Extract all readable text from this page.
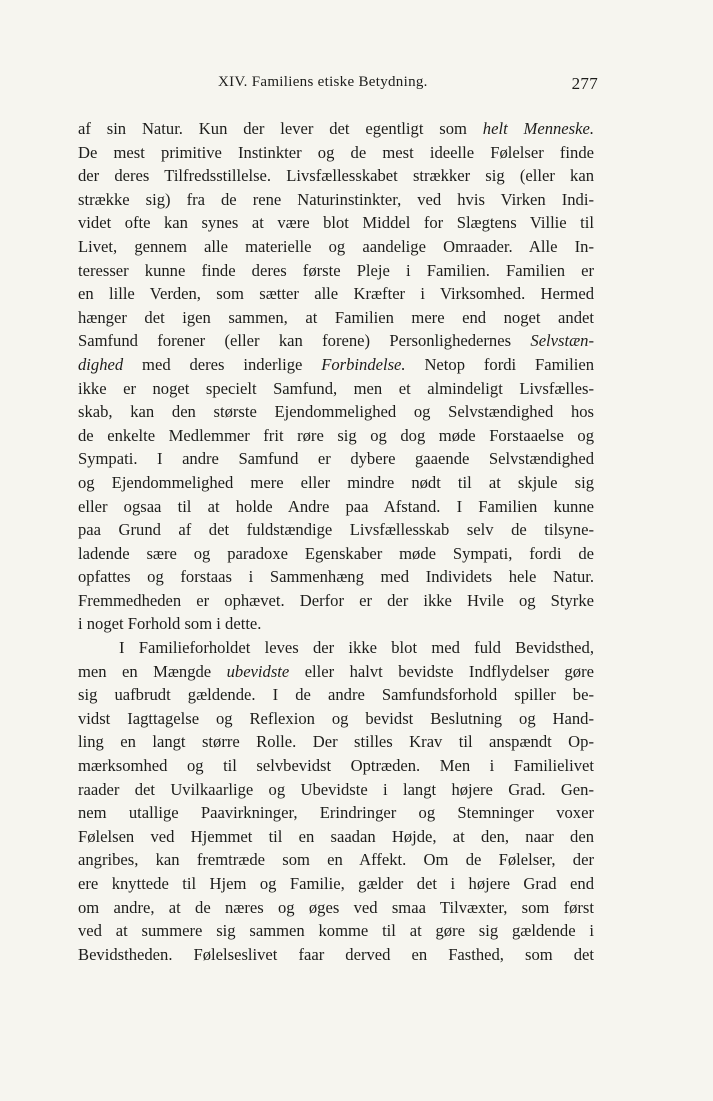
XIV. Familiens etiske Betydning.	277
af sin Natur. Kun der lever det egentligt som helt Menneske.
De mest primitive Instinkter og de mest ideelle Følelser finde
der deres Tilfredsstillelse. Livsfællesskabet strækker sig (eller kan
strække sig) fra de rene Naturinstinkter, ved hvis Virken Indi-
videt ofte kan synes at være blot Middel for Slægtens Villie til
Livet, gennem alle materielle og aandelige Omraader. Alle In-
teresser kunne finde deres første Pleje i Familien. Familien er
en lille Verden, som sætter alle Kræfter i Virksomhed. Hermed
hænger det igen sammen, at Familien mere end noget andet
Samfund forener (eller kan forene) Personlighedernes Selvstæn-
dighed med deres inderlige Forbindelse. Netop fordi Familien
ikke er noget specielt Samfund, men et almindeligt Livsfælles-
skab, kan den største Ejendommelighed og Selvstændighed hos
de enkelte Medlemmer frit røre sig og dog møde Forstaaelse og
Sympati. I andre Samfund er dybere gaaende Selvstændighed
og Ejendommelighed mere eller mindre nødt til at skjule sig
eller ogsaa til at holde Andre paa Afstand. I Familien kunne
paa Grund af det fuldstændige Livsfællesskab selv de tilsyne-
ladende sære og paradoxe Egenskaber møde Sympati, fordi de
opfattes og forstaas i Sammenhæng med Individets hele Natur.
Fremmedheden er ophævet. Derfor er der ikke Hvile og Styrke
i noget Forhold som i dette.
I Familieforholdet leves der ikke blot med fuld Bevidsthed,
men en Mængde ubevidste eller halvt bevidste Indflydelser gøre
sig uafbrudt gældende. I de andre Samfundsforhold spiller be-
vidst Iagttagelse og Reflexion og bevidst Beslutning og Hand-
ling en langt større Rolle. Der stilles Krav til anspændt Op-
mærksomhed og til selvbevidst Optræden. Men i Familielivet
raader det Uvilkaarlige og Ubevidste i langt højere Grad. Gen-
nem utallige Paavirkninger, Erindringer og Stemninger voxer
Følelsen ved Hjemmet til en saadan Højde, at den, naar den
angribes, kan fremtræde som en Affekt. Om de Følelser, der
ere knyttede til Hjem og Familie, gælder det i højere Grad end
om andre, at de næres og øges ved smaa Tilvæxter, som først
ved at summere sig sammen komme til at gøre sig gældende i
Bevidstheden. Følelseslivet faar derved en Fasthed, som det
